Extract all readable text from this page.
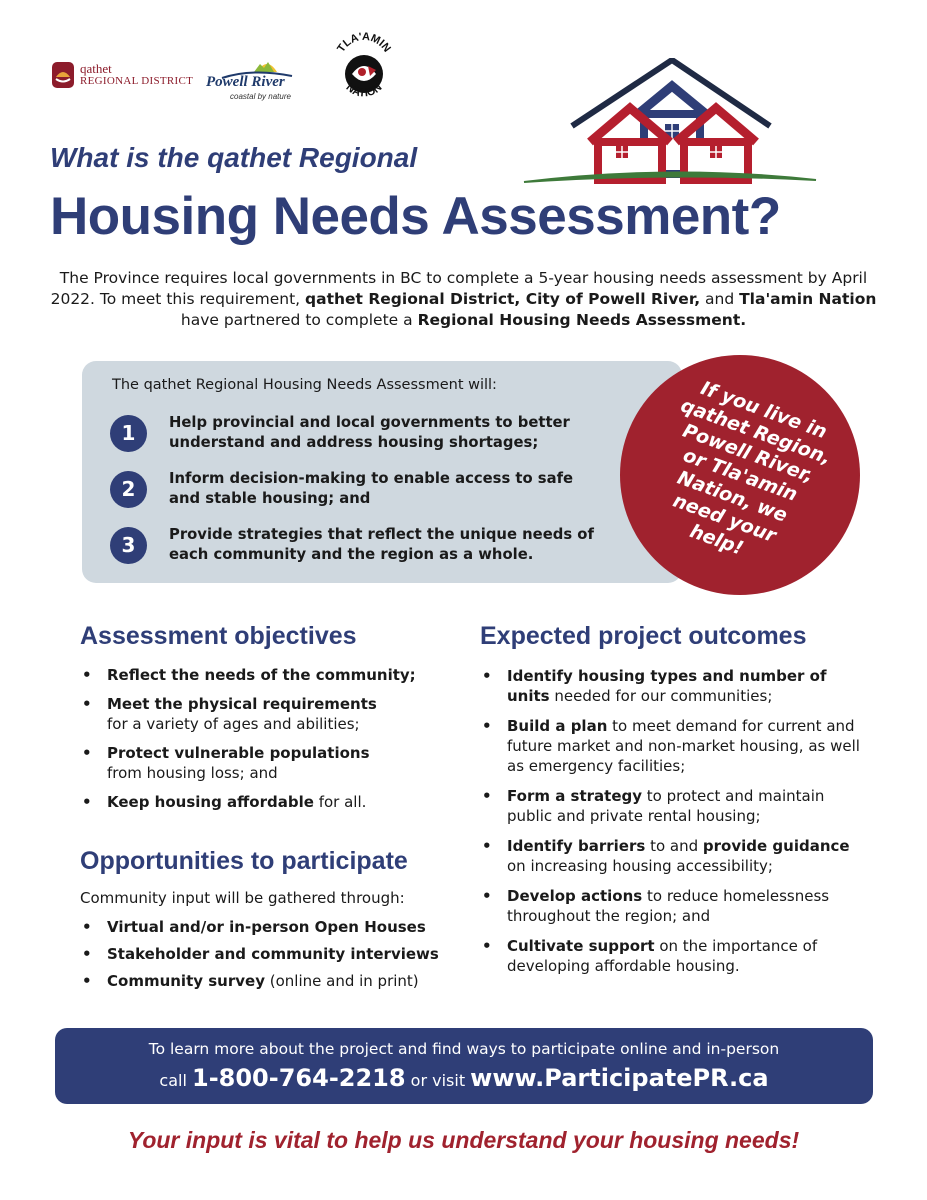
qathet
REGIONAL DISTRICT Powell River
coastal by nature
TLA'AMIN
NATION
What is the qathet Regional
Housing Needs Assessment?

The Province requires local governments in BC to complete a 5-year housing needs assessment by April 2022. To meet this requirement, qathet Regional District, City of Powell River, and Tla'amin Nation have partnered to complete a Regional Housing Needs Assessment.

The qathet Regional Housing Needs Assessment will:
1	Help provincial and local governments to better understand and address housing shortages;
2	Inform decision-making to enable access to safe and stable housing; and
3	Provide strategies that reflect the unique needs of each community and the region as a whole.
If you live in qathet Region, Powell River, or Tla'amin Nation, we need your help!
Assessment objectives
• Reflect the needs of the community;
• Meet the physical requirements
for a variety of ages and abilities;
• Protect vulnerable populations
from housing loss; and
• Keep housing affordable for all.
Opportunities to participate
Community input will be gathered through:
• Virtual and/or in-person Open Houses
• Stakeholder and community interviews
• Community survey (online and in print)
Expected project outcomes
• Identify housing types and number of units needed for our communities;
• Build a plan to meet demand for current and future market and non-market housing, as well as emergency facilities;
• Form a strategy to protect and maintain public and private rental housing;
• Identify barriers to and provide guidance on increasing housing accessibility;
• Develop actions to reduce homelessness throughout the region; and
• Cultivate support on the importance of developing affordable housing.
To learn more about the project and find ways to participate online and in-person
call 1-800-764-2218 or visit www.ParticipatePR.ca
Your input is vital to help us understand your housing needs!
